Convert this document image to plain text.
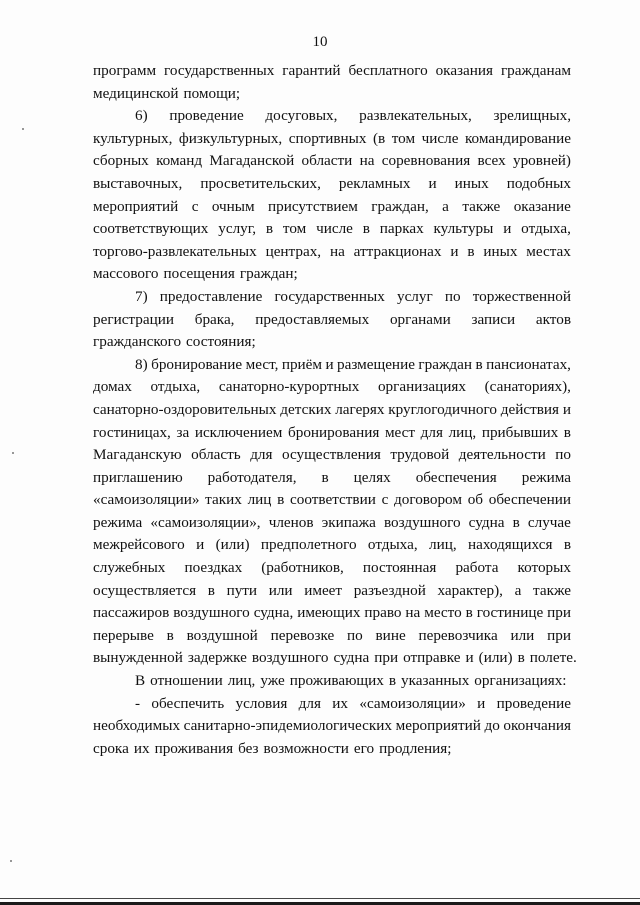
10
программ государственных гарантий бесплатного оказания гражданам
медицинской помощи;
6) проведение досуговых, развлекательных, зрелищных,
культурных, физкультурных, спортивных (в том числе командирование
сборных команд Магаданской области на соревнования всех уровней)
выставочных, просветительских, рекламных и иных подобных
мероприятий с очным присутствием граждан, а также оказание
соответствующих услуг, в том числе в парках культуры и отдыха,
торгово-развлекательных центрах, на аттракционах и в иных местах
массового посещения граждан;
7) предоставление государственных услуг по торжественной
регистрации брака, предоставляемых органами записи актов
гражданского состояния;
8) бронирование мест, приём и размещение граждан в пансионатах,
домах отдыха, санаторно-курортных организациях (санаториях),
санаторно-оздоровительных детских лагерях круглогодичного действия и
гостиницах, за исключением бронирования мест для лиц, прибывших в
Магаданскую область для осуществления трудовой деятельности по
приглашению работодателя, в целях обеспечения режима
«самоизоляции» таких лиц в соответствии с договором об обеспечении
режима «самоизоляции», членов экипажа воздушного судна в случае
межрейсового и (или) предполетного отдыха, лиц, находящихся в
служебных поездках (работников, постоянная работа которых
осуществляется в пути или имеет разъездной характер), а также
пассажиров воздушного судна, имеющих право на место в гостинице при
перерыве в воздушной перевозке по вине перевозчика или при
вынужденной задержке воздушного судна при отправке и (или) в полете.
В отношении лиц, уже проживающих в указанных организациях:
- обеспечить условия для их «самоизоляции» и проведение
необходимых санитарно-эпидемиологических мероприятий до окончания
срока их проживания без возможности его продления;
